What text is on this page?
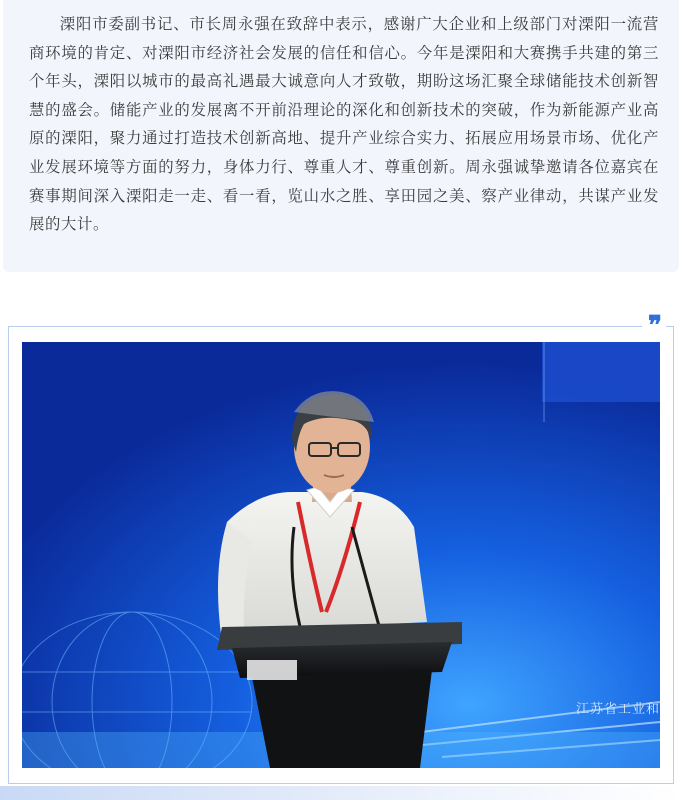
溧阳市委副书记、市长周永强在致辞中表示，感谢广大企业和上级部门对溧阳一流营商环境的肯定、对溧阳市经济社会发展的信任和信心。今年是溧阳和大赛携手共建的第三个年头，溧阳以城市的最高礼遇最大诚意向人才致敬，期盼这场汇聚全球储能技术创新智慧的盛会。储能产业的发展离不开前沿理论的深化和创新技术的突破，作为新能源产业高原的溧阳，聚力通过打造技术创新高地、提升产业综合实力、拓展应用场景市场、优化产业发展环境等方面的努力，身体力行、尊重人才、尊重创新。周永强诚挚邀请各位嘉宾在赛事期间深入溧阳走一走、看一看，览山水之胜、享田园之美、察产业律动，共谋产业发展的大计。

❞
江苏省工业和
